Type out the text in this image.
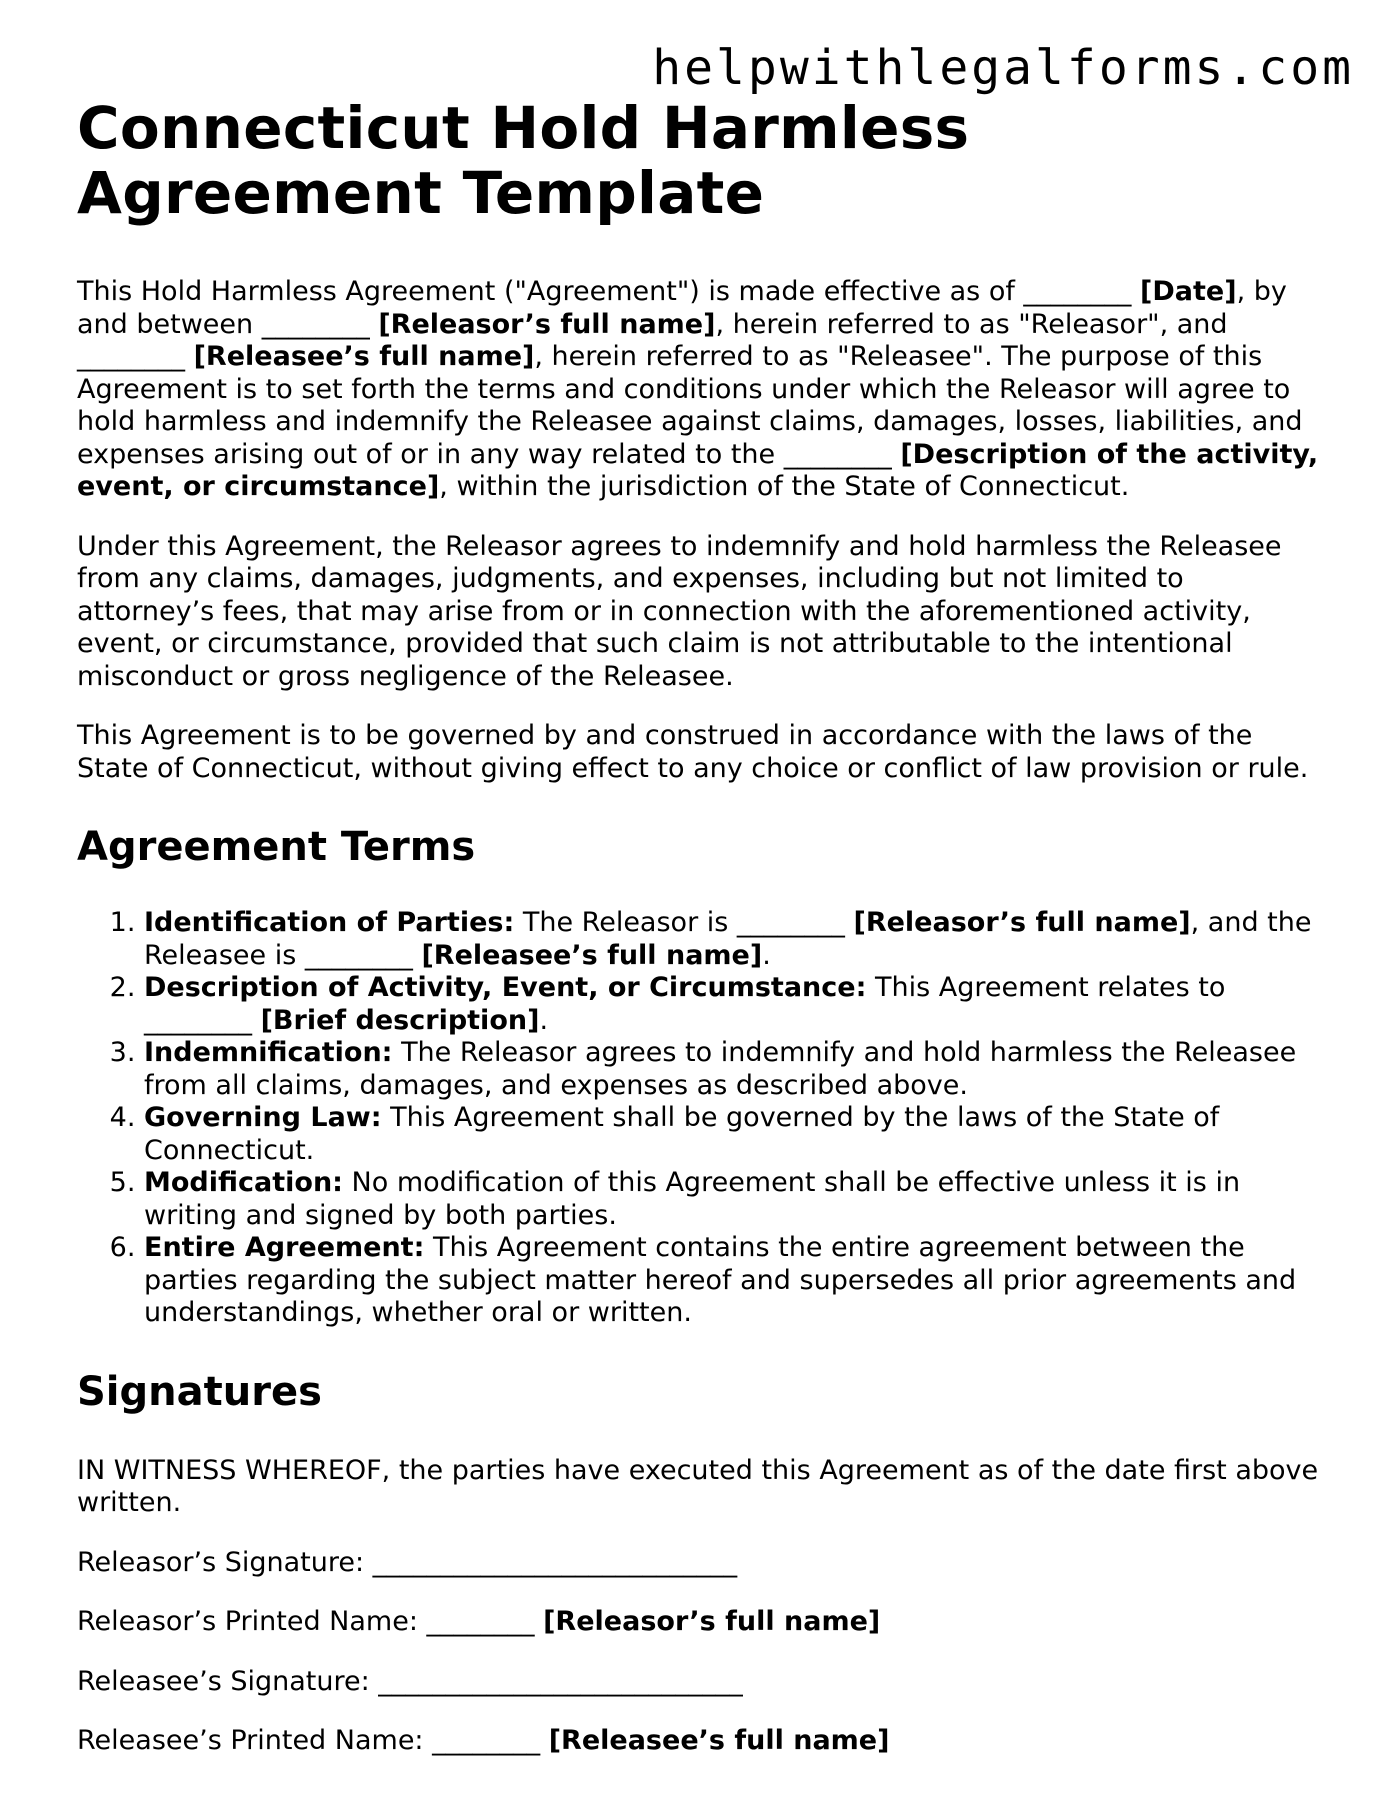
helpwithlegalforms.com
Connecticut Hold Harmless Agreement Template

This Hold Harmless Agreement ("Agreement") is made effective as of ________ [Date], by and between ________ [Releasor’s full name], herein referred to as "Releasor", and ________ [Releasee’s full name], herein referred to as "Releasee". The purpose of this Agreement is to set forth the terms and conditions under which the Releasor will agree to hold harmless and indemnify the Releasee against claims, damages, losses, liabilities, and expenses arising out of or in any way related to the ________ [Description of the activity, event, or circumstance], within the jurisdiction of the State of Connecticut.

Under this Agreement, the Releasor agrees to indemnify and hold harmless the Releasee from any claims, damages, judgments, and expenses, including but not limited to attorney’s fees, that may arise from or in connection with the aforementioned activity, event, or circumstance, provided that such claim is not attributable to the intentional misconduct or gross negligence of the Releasee.

This Agreement is to be governed by and construed in accordance with the laws of the State of Connecticut, without giving effect to any choice or conflict of law provision or rule.

Agreement Terms
1. Identification of Parties: The Releasor is ________ [Releasor’s full name], and the Releasee is ________ [Releasee’s full name].
2. Description of Activity, Event, or Circumstance: This Agreement relates to ________ [Brief description].
3. Indemnification: The Releasor agrees to indemnify and hold harmless the Releasee from all claims, damages, and expenses as described above.
4. Governing Law: This Agreement shall be governed by the laws of the State of Connecticut.
5. Modification: No modification of this Agreement shall be effective unless it is in writing and signed by both parties.
6. Entire Agreement: This Agreement contains the entire agreement between the parties regarding the subject matter hereof and supersedes all prior agreements and understandings, whether oral or written.
Signatures

IN WITNESS WHEREOF, the parties have executed this Agreement as of the date first above written.

Releasor’s Signature: ___________________________

Releasor’s Printed Name: ________ [Releasor’s full name]

Releasee’s Signature: ___________________________

Releasee’s Printed Name: ________ [Releasee’s full name]
